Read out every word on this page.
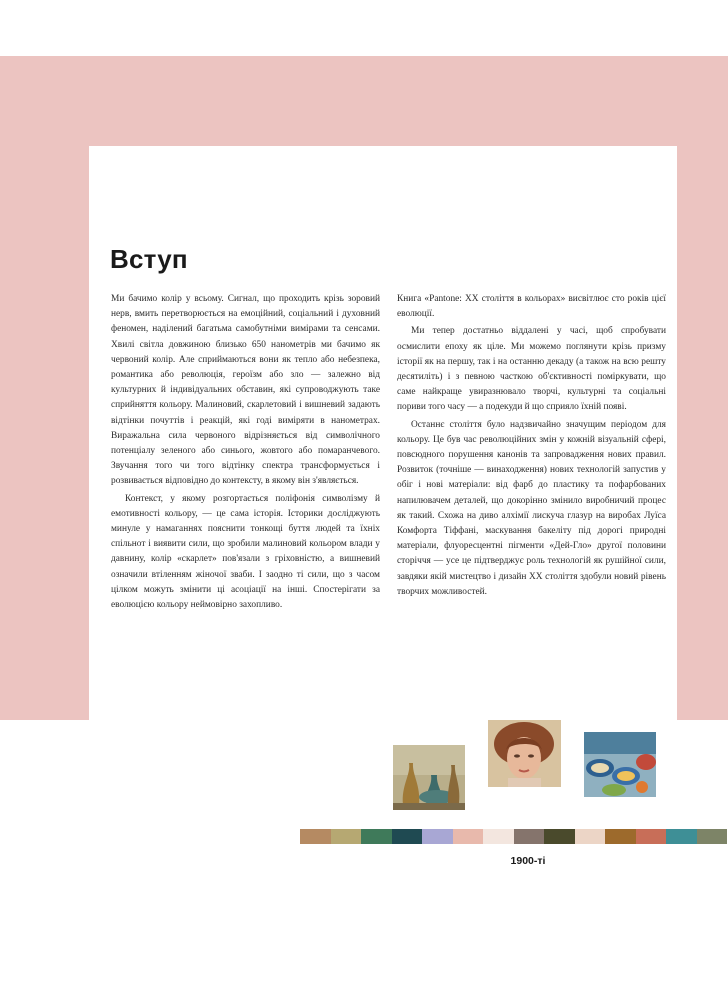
Вступ

Ми бачимо колір у всьому. Сигнал, що проходить крізь зоровий нерв, вмить перетворюється на емоційний, соціальний і духовний феномен, наділений багатьма самобутніми вимірами та сенсами. Хвилі світла довжиною близько 650 нанометрів ми бачимо як червоний колір. Але сприймаються вони як тепло або небезпека, романтика або революція, героїзм або зло — залежно від культурних й індивідуальних обставин, які супроводжують таке сприйняття кольору. Малиновий, скарлетовий і вишневий задають відтінки почуттів і реакцій, які годі виміряти в нанометрах. Виражальна сила червоного відрізняється від символічного потенціалу зеленого або синього, жовтого або помаранчевого. Звучання того чи того відтінку спектра трансформується і розвивається відповідно до контексту, в якому він з'являється.

Контекст, у якому розгортається поліфонія символізму й емотивності кольору, — це сама історія. Історики досліджують минуле у намаганнях пояснити тонкощі буття людей та їхніх спільнот і виявити сили, що зробили малиновий кольором влади у давнину, колір «скарлет» пов'язали з гріховністю, а вишневий означили втіленням жіночої зваби. І заодно ті сили, що з часом цілком можуть змінити ці асоціації на інші. Спостерігати за еволюцією кольору неймовірно захопливо.

Книга «Pantone: ХХ століття в кольорах» висвітлює сто років цієї еволюції.

Ми тепер достатньо віддалені у часі, щоб спробувати осмислити епоху як ціле. Ми можемо поглянути крізь призму історії як на першу, так і на останню декаду (а також на всю решту десятиліть) і з певною часткою об'єктивності поміркувати, що саме найкраще увиразнювало творчі, культурні та соціальні пориви того часу — а подекуди й що сприяло їхній появі.

Останнє століття було надзвичайно значущим періодом для кольору. Це був час революційних змін у кожній візуальній сфері, повсюдного порушення канонів та запровадження нових правил. Розвиток (точніше — винаходження) нових технологій запустив у обіг і нові матеріали: від фарб до пластику та пофарбованих напилювачем деталей, що докорінно змінило виробничий процес як такий. Схожа на диво алхімії лискуча глазур на виробах Луїса Комфорта Тіффані, маскування бакеліту під дорогі природні матеріали, флуоресцентні пігменти «Дей-Гло» другої половини сторіччя — усе це підтверджує роль технологій як рушійної сили, завдяки якій мистецтво і дизайн ХХ століття здобули новий рівень творчих можливостей.

1900-ті
